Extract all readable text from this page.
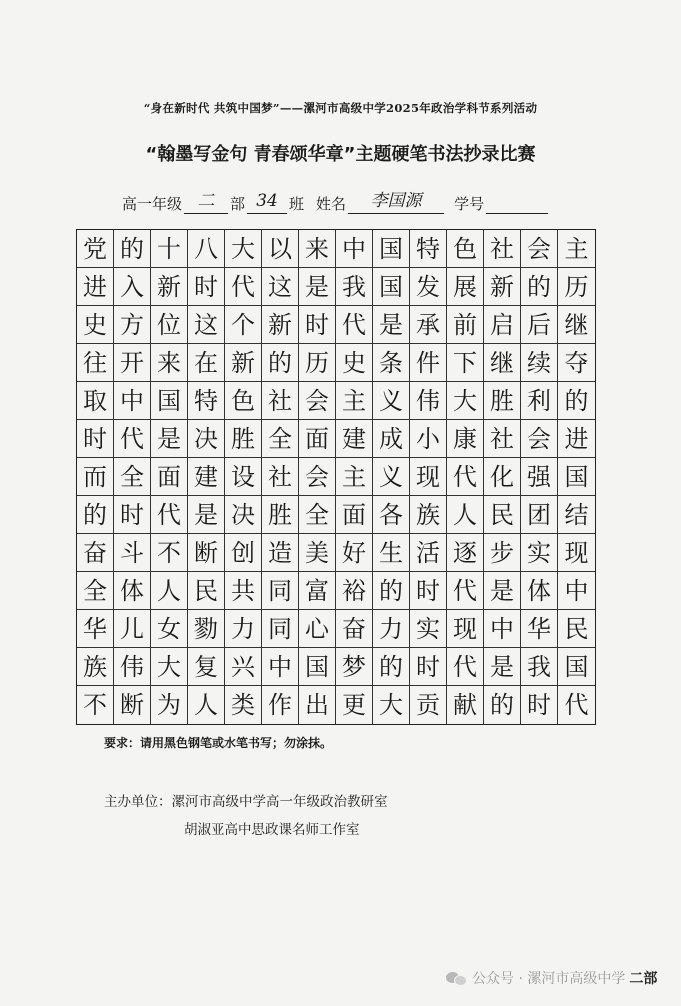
“身在新时代 共筑中国梦”——漯河市高级中学2025年政治学科节系列活动
“翰墨写金句 青春颂华章”主题硬笔书法抄录比赛
高一年级 二	部 34 班 姓名	李国源	学号
党 的 十 八 大 以 来 中 国 特 色 社 会 主
进 入 新 时 代 这 是 我 国 发 展 新 的 历
史 方 位 这 个 新 时 代 是 承 前 启 后 继
往 开 来 在 新 的 历 史 条 件 下 继 续 夺
取 中 国 特 色 社 会 主 义 伟 大 胜 利 的
时 代 是 决 胜 全 面 建 成 小 康 社 会 进
而 全 面 建 设 社 会 主 义 现 代 化 强 国
的 时 代 是 决 胜 全 面 各 族 人 民 团 结
奋 斗 不 断 创 造 美 好 生 活 逐 步 实 现
全 体 人 民 共 同 富 裕 的 时 代 是 体 中
华 儿 女 勠 力 同 心 奋 力 实 现 中 华 民
族 伟 大 复 兴 中 国 梦 的 时 代 是 我 国
不 断 为 人 类 作 出 更 大 贡 献 的 时 代
要求：请用黑色钢笔或水笔书写；勿涂抹。
主办单位：漯河市高级中学高一年级政治教研室
胡淑亚高中思政课名师工作室
公众号 · 漯河市高级中学 二部
